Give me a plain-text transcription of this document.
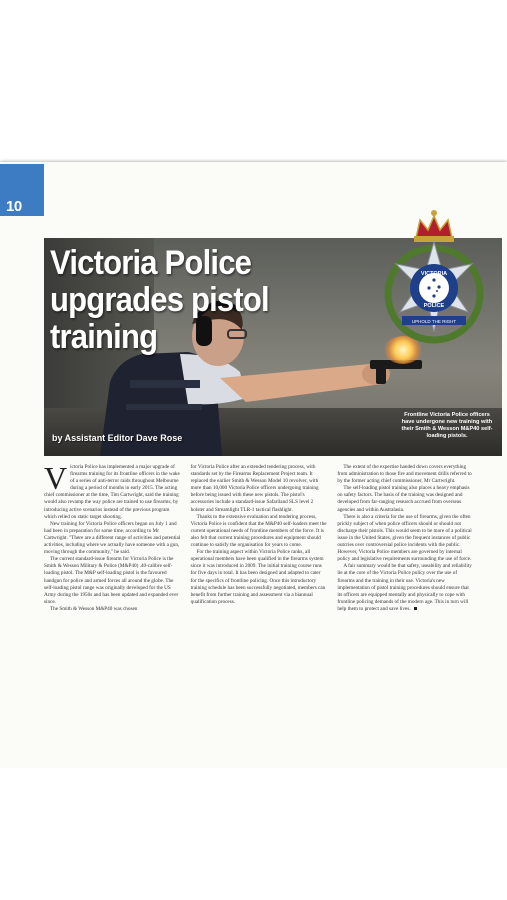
10
Victoria Police upgrades pistol training
by Assistant Editor Dave Rose
Frontline Victoria Police officers have undergone new training with their Smith & Wesson M&P40 self-loading pistols.
VICTORIA
POLICE
UPHOLD THE RIGHT

Victoria Police has implemented a major upgrade of firearms training for its frontline officers in the wake of a series of anti-terror raids throughout Melbourne during a period of months in early 2015. The acting chief commissioner at the time, Tim Cartwright, said the training would also revamp the way police are trained to use firearms, by introducing active scenarios instead of the previous program which relied on static target shooting.

New training for Victoria Police officers began on July 1 and had been in preparation for some time, according to Mr Cartwright. "There are a different range of activities and potential activities, including where we actually have someone with a gun, moving through the community," he said.

The current standard-issue firearm for Victoria Police is the Smith & Wesson Military & Police (M&P40) .40-calibre self-loading pistol. The M&P self-loading pistol is the favoured handgun for police and armed forces all around the globe. The self-loading pistol range was originally developed for the US Army during the 1950s and has been updated and expanded ever since.

The Smith & Wesson M&P40 was chosen

for Victoria Police after an extended tendering process, with standards set by the Firearms Replacement Project team. It replaced the earlier Smith & Wesson Model 10 revolver, with more than 10,000 Victoria Police officers undergoing training before being issued with these new pistols. The pistol's accessories include a standard-issue Safariland SLS level 2 holster and Streamlight TLR-1 tactical flashlight.

Thanks to the extensive evaluation and tendering process, Victoria Police is confident that the M&P40 self-loaders meet the current operational needs of frontline members of the force. It is also felt that current training procedures and equipment should continue to satisfy the organisation for years to come.

For the training aspect within Victoria Police ranks, all operational members have been qualified in the firearms system since it was introduced in 2009. The initial training course runs for five days in total. It has been designed and adapted to cater for the specifics of frontline policing. Once this introductory training schedule has been successfully negotiated, members can benefit from further training and assessment via a biannual qualification process.

The extent of the expertise handed down covers everything from administration to those fire and movement drills referred to by the former acting chief commissioner, Mr Cartwright.

The self-loading pistol training also places a heavy emphasis on safety factors. The basis of the training was designed and developed from far-ranging research accrued from overseas agencies and within Australasia.

There is also a criteria for the use of firearms, given the often prickly subject of when police officers should or should not discharge their pistols. This would seem to be more of a political issue in the United States, given the frequent instances of public outcries over controversial police incidents with the public. However, Victoria Police members are governed by internal policy and legislative requirements surrounding the use of force.

A fair summary would be that safety, useability and reliability lie at the core of the Victoria Police policy over the use of firearms and the training in their use. Victoria's new implementation of pistol training procedures should ensure that its officers are equipped mentally and physically to cope with frontline policing demands of the modern age. This in turn will help them to protect and save lives.
